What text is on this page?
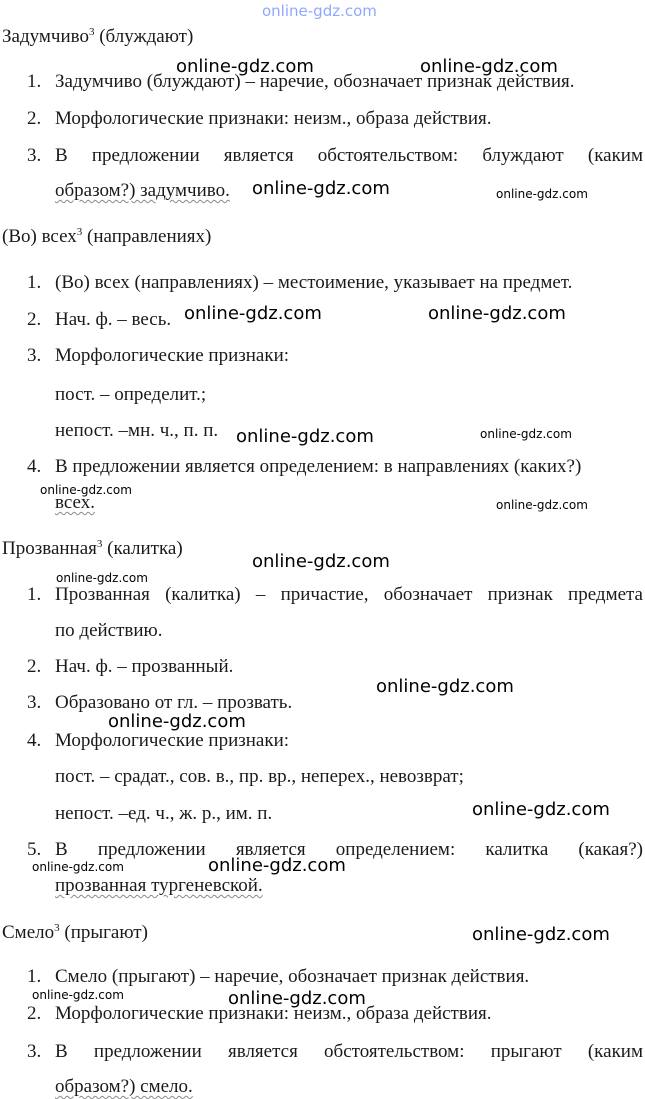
online-gdz.com
Задумчиво$^3$ (блуждают)
1. Задумчиво (блуждают) – наречие, обозначает признак действия.
2. Морфологические признаки: неизм., образа действия.
3. В предложении является обстоятельством: блуждают (каким
образом?) задумчиво.
(Во) всех$^3$ (направлениях)
1. (Во) всех (направлениях) – местоимение, указывает на предмет.
2. Нач. ф. – весь.
3. Морфологические признаки:
пост. – определит.;
непост. –мн. ч., п. п.
4. В предложении является определением: в направлениях (каких?)
всех.
Прозванная$^3$ (калитка)
1. Прозванная (калитка) – причастие, обозначает признак предмета
по действию.
2. Нач. ф. – прозванный.
3. Образовано от гл. – прозвать.
4. Морфологические признаки:
пост. – срадат., сов. в., пр. вр., неперех., невозврат;
непост. –ед. ч., ж. р., им. п.
5. В предложении является определением: калитка (какая?)
прозванная тургеневской.
Смело$^3$ (прыгают)
1. Смело (прыгают) – наречие, обозначает признак действия.
2. Морфологические признаки: неизм., образа действия.
3. В предложении является обстоятельством: прыгают (каким
образом?) смело.
online-gdz.com	online-gdz.com
online-gdz.com	online-gdz.com
online-gdz.com	online-gdz.com
online-gdz.com	online-gdz.com
online-gdz.com
online-gdz.com
online-gdz.com
online-gdz.com
online-gdz.com
online-gdz.com
online-gdz.com
online-gdz.com
online-gdz.com
online-gdz.com
online-gdz.com	online-gdz.com
